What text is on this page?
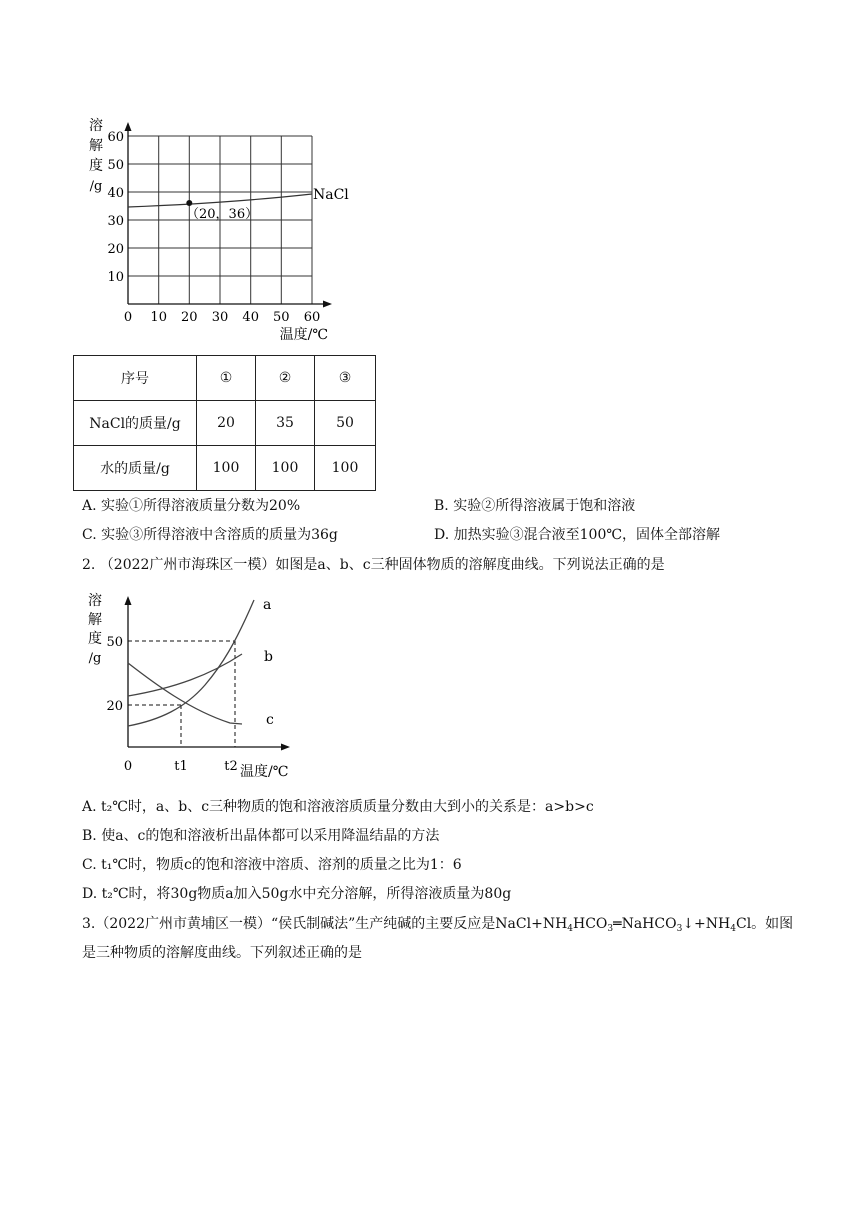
溶
解
度
/g
60
50
40
30
20
10
0 10 20 30 40 50 60
温度/℃
（20，36）
NaCl
序号	①	②	③
NaCl的质量/g	20	35	50
水的质量/g	100	100	100
A. 实验①所得溶液质量分数为20%	B. 实验②所得溶液属于饱和溶液
C. 实验③所得溶液中含溶质的质量为36g	D. 加热实验③混合液至100℃，固体全部溶解
2. （2022广州市海珠区一模）如图是a、b、c三种固体物质的溶解度曲线。下列说法正确的是
溶
解
度
/g
a
b
c
50
20
0	t1	t2 温度/℃
A. t₂℃时，a、b、c三种物质的饱和溶液溶质质量分数由大到小的关系是：a>b>c
B. 使a、c的饱和溶液析出晶体都可以采用降温结晶的方法
C. t₁℃时，物质c的饱和溶液中溶质、溶剂的质量之比为1：6
D. t₂℃时，将30g物质a加入50g水中充分溶解，所得溶液质量为80g
3.（2022广州市黄埔区一模）“侯氏制碱法”生产纯碱的主要反应是$NaCl+NH_4HCO_3═NaHCO_3↓+NH_4Cl$。如图
是三种物质的溶解度曲线。下列叙述正确的是
